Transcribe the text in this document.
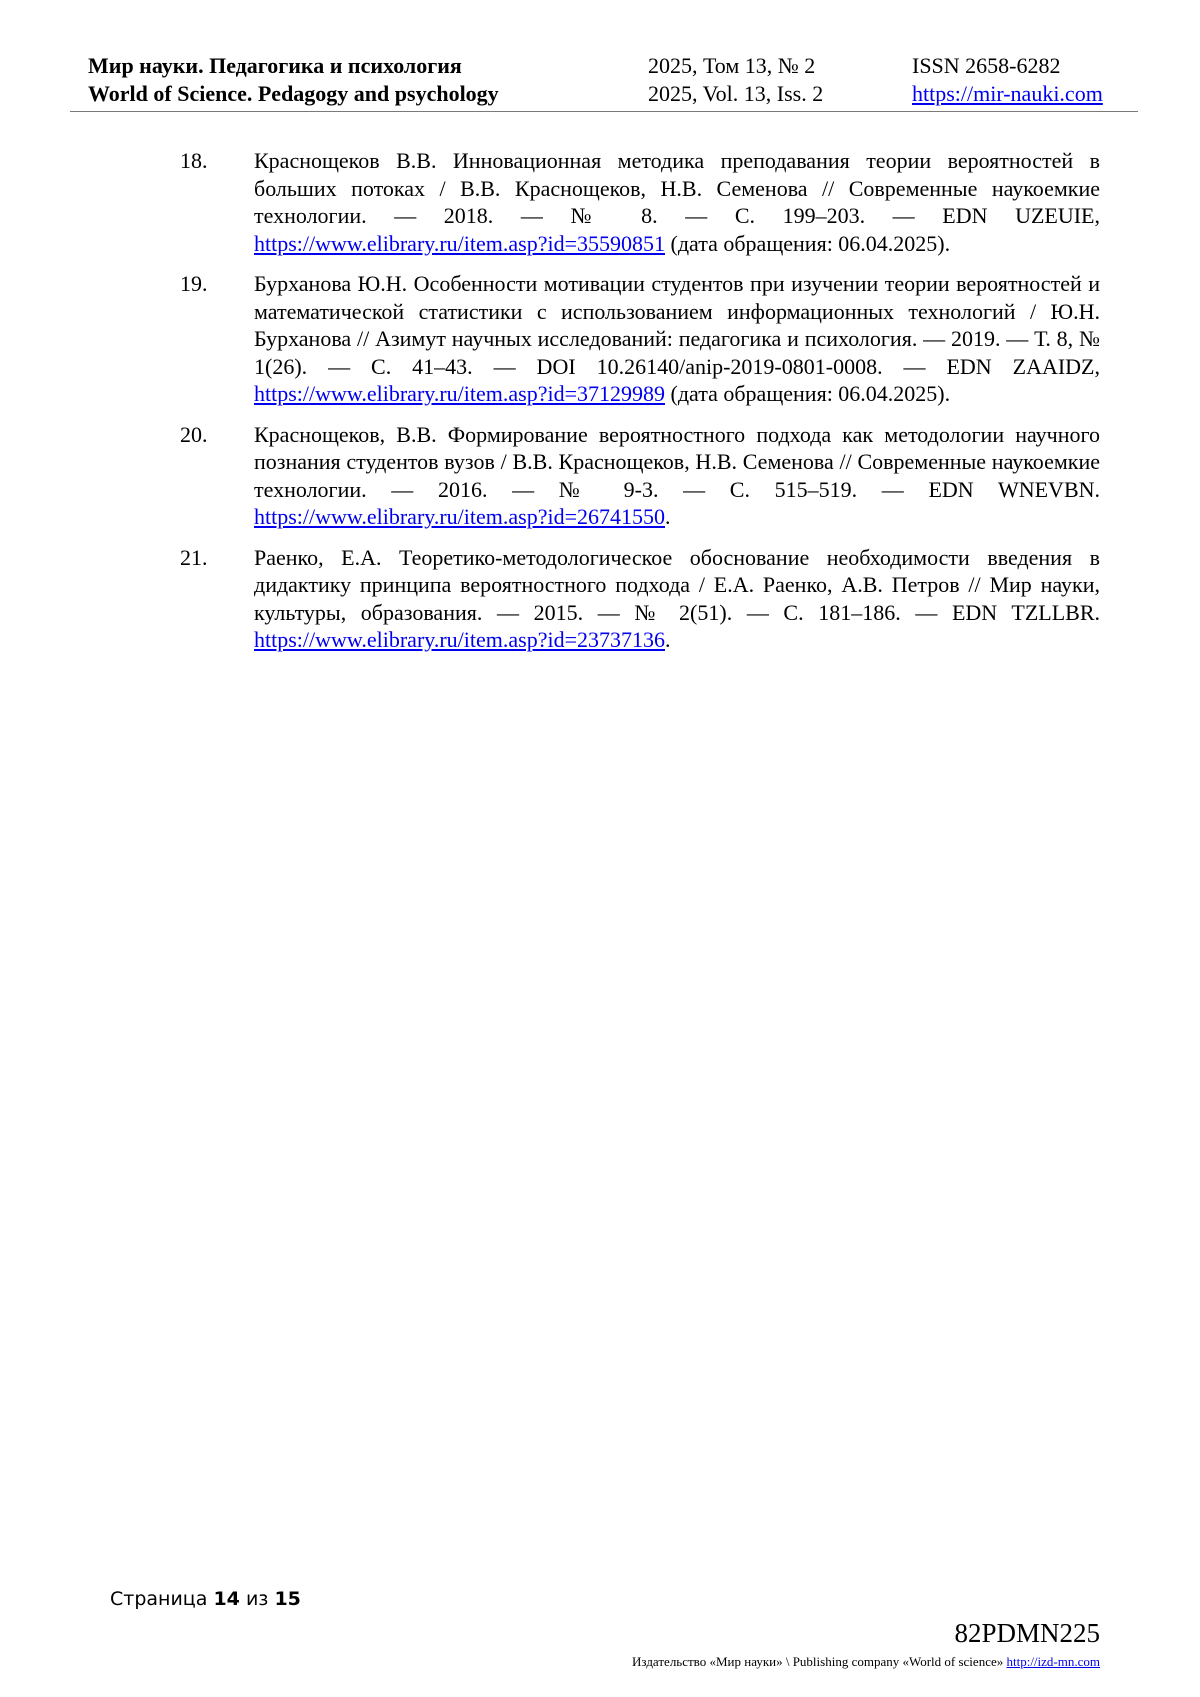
Мир науки. Педагогика и психология	2025, Том 13, № 2	ISSN 2658-6282
World of Science. Pedagogy and psychology	2025, Vol. 13, Iss. 2	https://mir-nauki.com
18.	Краснощеков В.В. Инновационная методика преподавания теории вероятностей в больших потоках / В.В. Краснощеков, Н.В. Семенова // Современные наукоемкие технологии. — 2018. — № 8. — С. 199–203. — EDN UZEUIE, https://www.elibrary.ru/item.asp?id=35590851 (дата обращения: 06.04.2025).
19.	Бурханова Ю.Н. Особенности мотивации студентов при изучении теории вероятностей и математической статистики с использованием информационных технологий / Ю.Н. Бурханова // Азимут научных исследований: педагогика и психология. — 2019. — Т. 8, № 1(26). — С. 41–43. — DOI 10.26140/anip-2019-0801-0008. — EDN ZAAIDZ, https://www.elibrary.ru/item.asp?id=37129989 (дата обращения: 06.04.2025).
20.	Краснощеков, В.В. Формирование вероятностного подхода как методологии научного познания студентов вузов / В.В. Краснощеков, Н.В. Семенова // Современные наукоемкие технологии. — 2016. — № 9-3. — С. 515–519. — EDN WNEVBN. https://www.elibrary.ru/item.asp?id=26741550.
21.	Раенко, Е.А. Теоретико-методологическое обоснование необходимости введения в дидактику принципа вероятностного подхода / Е.А. Раенко, А.В. Петров // Мир науки, культуры, образования. — 2015. — № 2(51). — С. 181–186. — EDN TZLLBR. https://www.elibrary.ru/item.asp?id=23737136.
Страница 14 из 15
82PDMN225
Издательство «Мир науки» \ Publishing company «World of science» http://izd-mn.com
